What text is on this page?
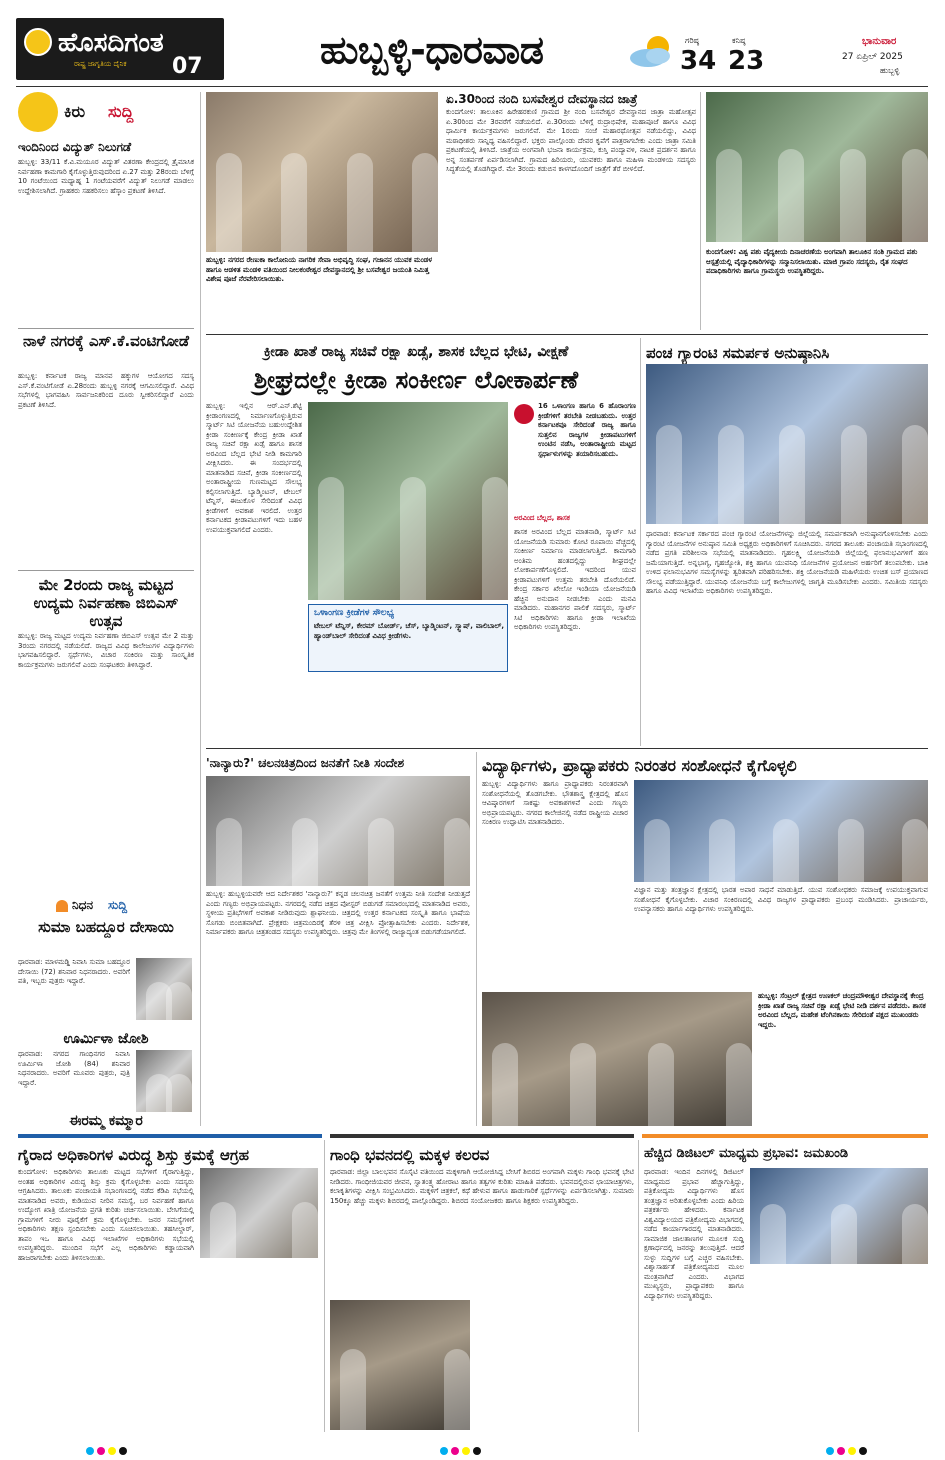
ಹೊಸದಿಗಂತ
ರಾಷ್ಟ್ರ ಜಾಗೃತಿಯ ದೈನಿಕ 07	ಹುಬ್ಬಳ್ಳಿ-ಧಾರವಾಡ	ಗರಿಷ್ಠ
34
ಕನಿಷ್ಠ
23
ಭಾನುವಾರ
27 ಏಪ್ರಿಲ್ 2025
ಹುಬ್ಬಳ್ಳಿ
ಕಿರು ಸುದ್ದಿ
ಇಂದಿನಿಂದ ವಿದ್ಯುತ್ ನಿಲುಗಡೆ
ಹುಬ್ಬಳ್ಳಿ: 33/11 ಕೆ.ವಿ.ಮಯೂರ ವಿದ್ಯುತ್ ವಿತರಣಾ ಕೇಂದ್ರದಲ್ಲಿ ತ್ರೈಮಾಸಿಕ ನಿರ್ವಹಣಾ ಕಾಮಗಾರಿ ಕೈಗೊಳ್ಳುತ್ತಿರುವುದರಿಂದ ಏ.27 ಮತ್ತು 28ರಂದು ಬೆಳಿಗ್ಗೆ 10 ಗಂಟೆಯಿಂದ ಮಧ್ಯಾಹ್ನ 1 ಗಂಟೆಯವರೆಗೆ ವಿದ್ಯುತ್ ನಿಲುಗಡೆ ಮಾಡಲು ಉದ್ದೇಶಿಸಲಾಗಿದೆ. ಗ್ರಾಹಕರು ಸಹಕರಿಸಲು ಹೆಸ್ಕಾಂ ಪ್ರಕಟಣೆ ತಿಳಿಸಿದೆ.
ನಾಳೆ ನಗರಕ್ಕೆ ಎಸ್.ಕೆ.ವಂಟಿಗೋಡೆ
ಹುಬ್ಬಳ್ಳಿ: ಕರ್ನಾಟಕ ರಾಜ್ಯ ಮಾನವ ಹಕ್ಕುಗಳ ಆಯೋಗದ ಸದಸ್ಯ ಎಸ್.ಕೆ.ವಂಟಿಗೋಡೆ ಏ.28ರಂದು ಹುಬ್ಬಳ್ಳಿ ನಗರಕ್ಕೆ ಆಗಮಿಸಲಿದ್ದಾರೆ. ವಿವಿಧ ಸಭೆಗಳಲ್ಲಿ ಭಾಗವಹಿಸಿ ಸಾರ್ವಜನಿಕರಿಂದ ದೂರು ಸ್ವೀಕರಿಸಲಿದ್ದಾರೆ ಎಂದು ಪ್ರಕಟಣೆ ತಿಳಿಸಿದೆ.
ಮೇ 2ರಂದು ರಾಜ್ಯ ಮಟ್ಟದ ಉದ್ಯಮ ನಿರ್ವಹಣಾ ಜಿಬಿಎಸ್ ಉತ್ಸವ
ಹುಬ್ಬಳ್ಳಿ: ರಾಜ್ಯ ಮಟ್ಟದ ಉದ್ಯಮ ನಿರ್ವಹಣಾ ಜಿಬಿಎಸ್ ಉತ್ಸವ ಮೇ 2 ಮತ್ತು 3ರಂದು ನಗರದಲ್ಲಿ ನಡೆಯಲಿದೆ. ರಾಜ್ಯದ ವಿವಿಧ ಕಾಲೇಜುಗಳ ವಿದ್ಯಾರ್ಥಿಗಳು ಭಾಗವಹಿಸಲಿದ್ದಾರೆ. ಸ್ಪರ್ಧೆಗಳು, ವಿಚಾರ ಸಂಕಿರಣ ಮತ್ತು ಸಾಂಸ್ಕೃತಿಕ ಕಾರ್ಯಕ್ರಮಗಳು ಜರುಗಲಿವೆ ಎಂದು ಸಂಘಟಕರು ತಿಳಿಸಿದ್ದಾರೆ.
ನಿಧನ ಸುದ್ದಿ
ಸುಮಾ ಬಹದ್ದೂರ ದೇಸಾಯಿ
ಧಾರವಾಡ: ಮಾಳಮಡ್ಡಿ ನಿವಾಸಿ ಸುಮಾ ಬಹದ್ದೂರ ದೇಸಾಯಿ (72) ಶನಿವಾರ ನಿಧನರಾದರು. ಅವರಿಗೆ ಪತಿ, ಇಬ್ಬರು ಪುತ್ರರು ಇದ್ದಾರೆ.
ಊರ್ಮಿಳಾ ಜೋಶಿ
ಧಾರವಾಡ: ನಗರದ ಗಾಂಧಿನಗರ ನಿವಾಸಿ ಊರ್ಮಿಳಾ ಜೋಶಿ (84) ಶನಿವಾರ ನಿಧನರಾದರು. ಅವರಿಗೆ ಮೂವರು ಪುತ್ರರು, ಪುತ್ರಿ ಇದ್ದಾರೆ.
ಈರಮ್ಮ ಕಮ್ಮಾರ
ಹುಬ್ಬಳ್ಳಿ: ನಗರದ ರೇಣುಕಾ ಕಾಲೋನಿಯ ನಾಗರಿಕ ಸೇವಾ ಅಭಿವೃದ್ಧಿ ಸಂಘ, ಗಜಾನನ ಯುವಕ ಮಂಡಳ ಹಾಗೂ ಆಡಳಿತ ಮಂಡಳಿ ವತಿಯಿಂದ ನೀಲಕಂಠೇಶ್ವರ ದೇವಸ್ಥಾನದಲ್ಲಿ ಶ್ರೀ ಬಸವೇಶ್ವರ ಜಯಂತಿ ನಿಮಿತ್ತ ವಿಶೇಷ ಪೂಜೆ ನೆರವೇರಿಸಲಾಯಿತು.
ಏ.30ರಿಂದ ನಂದಿ ಬಸವೇಶ್ವರ ದೇವಸ್ಥಾನದ ಜಾತ್ರೆ
ಕುಂದಗೋಳ: ತಾಲೂಕಿನ ಹಿರೇಹರಕುಣಿ ಗ್ರಾಮದ ಶ್ರೀ ನಂದಿ ಬಸವೇಶ್ವರ ದೇವಸ್ಥಾನದ ಜಾತ್ರಾ ಮಹೋತ್ಸವ ಏ.30ರಿಂದ ಮೇ 3ರವರೆಗೆ ನಡೆಯಲಿದೆ. ಏ.30ರಂದು ಬೆಳಿಗ್ಗೆ ರುದ್ರಾಭಿಷೇಕ, ಮಹಾಪೂಜೆ ಹಾಗೂ ವಿವಿಧ ಧಾರ್ಮಿಕ ಕಾರ್ಯಕ್ರಮಗಳು ಜರುಗಲಿವೆ. ಮೇ 1ರಂದು ಸಂಜೆ ಮಹಾರಥೋತ್ಸವ ನಡೆಯಲಿದ್ದು, ವಿವಿಧ ಮಠಾಧೀಶರು ಸಾನ್ನಿಧ್ಯ ವಹಿಸಲಿದ್ದಾರೆ. ಭಕ್ತರು ಪಾಲ್ಗೊಂಡು ದೇವರ ಕೃಪೆಗೆ ಪಾತ್ರರಾಗಬೇಕು ಎಂದು ಜಾತ್ರಾ ಸಮಿತಿ ಪ್ರಕಟಣೆಯಲ್ಲಿ ತಿಳಿಸಿದೆ. ಜಾತ್ರೆಯ ಅಂಗವಾಗಿ ಭಜನಾ ಕಾರ್ಯಕ್ರಮ, ಕುಸ್ತಿ ಪಂದ್ಯಾವಳಿ, ನಾಟಕ ಪ್ರದರ್ಶನ ಹಾಗೂ ಅನ್ನ ಸಂತರ್ಪಣೆ ಏರ್ಪಡಿಸಲಾಗಿದೆ. ಗ್ರಾಮದ ಹಿರಿಯರು, ಯುವಕರು ಹಾಗೂ ಮಹಿಳಾ ಮಂಡಳಿಯ ಸದಸ್ಯರು ಸಿದ್ಧತೆಯಲ್ಲಿ ತೊಡಗಿದ್ದಾರೆ. ಮೇ 3ರಂದು ಕಡುಬಿನ ಕಾಳಗದೊಂದಿಗೆ ಜಾತ್ರೆಗೆ ತೆರೆ ಬೀಳಲಿದೆ.
ಕುಂದಗೋಳ: ವಿಶ್ವ ಪಶು ವೈದ್ಯಕೀಯ ದಿನಾಚರಣೆಯ ಅಂಗವಾಗಿ ತಾಲೂಕಿನ ಸಂಶಿ ಗ್ರಾಮದ ಪಶು ಆಸ್ಪತ್ರೆಯಲ್ಲಿ ವೈದ್ಯಾಧಿಕಾರಿಗಳನ್ನು ಸನ್ಮಾನಿಸಲಾಯಿತು. ಮಾಜಿ ಗ್ರಾಪಂ ಸದಸ್ಯರು, ರೈತ ಸಂಘದ ಪದಾಧಿಕಾರಿಗಳು ಹಾಗೂ ಗ್ರಾಮಸ್ಥರು ಉಪಸ್ಥಿತರಿದ್ದರು.
ಕ್ರೀಡಾ ಖಾತೆ ರಾಜ್ಯ ಸಚಿವೆ ರಕ್ಷಾ ಖಡ್ಸೆ, ಶಾಸಕ ಬೆಲ್ಲದ ಭೇಟಿ, ವೀಕ್ಷಣೆ
ಶ್ರೀಘ್ರದಲ್ಲೇ ಕ್ರೀಡಾ ಸಂಕೀರ್ಣ ಲೋಕಾರ್ಪಣೆ
ಹುಬ್ಬಳ್ಳಿ: ಇಲ್ಲಿನ ಆರ್.ಎನ್.ಶೆಟ್ಟಿ ಕ್ರೀಡಾಂಗಣದಲ್ಲಿ ನಿರ್ಮಾಣಗೊಳ್ಳುತ್ತಿರುವ ಸ್ಮಾರ್ಟ್ ಸಿಟಿ ಯೋಜನೆಯ ಬಹುಉದ್ದೇಶಿತ ಕ್ರೀಡಾ ಸಂಕೀರ್ಣಕ್ಕೆ ಕೇಂದ್ರ ಕ್ರೀಡಾ ಖಾತೆ ರಾಜ್ಯ ಸಚಿವೆ ರಕ್ಷಾ ಖಡ್ಸೆ ಹಾಗೂ ಶಾಸಕ ಅರವಿಂದ ಬೆಲ್ಲದ ಭೇಟಿ ನೀಡಿ ಕಾಮಗಾರಿ ವೀಕ್ಷಿಸಿದರು. ಈ ಸಂದರ್ಭದಲ್ಲಿ ಮಾತನಾಡಿದ ಸಚಿವೆ, ಕ್ರೀಡಾ ಸಂಕೀರ್ಣದಲ್ಲಿ ಅಂತಾರಾಷ್ಟ್ರೀಯ ಗುಣಮಟ್ಟದ ಸೌಲಭ್ಯ ಕಲ್ಪಿಸಲಾಗುತ್ತಿದೆ. ಬ್ಯಾಡ್ಮಿಂಟನ್, ಟೇಬಲ್ ಟೆನ್ನಿಸ್, ಈಜುಕೊಳ ಸೇರಿದಂತೆ ವಿವಿಧ ಕ್ರೀಡೆಗಳಿಗೆ ಅವಕಾಶ ಇರಲಿದೆ. ಉತ್ತರ ಕರ್ನಾಟಕದ ಕ್ರೀಡಾಪಟುಗಳಿಗೆ ಇದು ಬಹಳ ಉಪಯುಕ್ತವಾಗಲಿದೆ ಎಂದರು.
ಒಳಾಂಗಣ ಕ್ರೀಡೆಗಳ ಸೌಲಭ್ಯ
ಟೇಬಲ್ ಟೆನ್ನಿಸ್, ಕೇರಮ್ ಬೋರ್ಡ್, ಚೆಸ್, ಬ್ಯಾಡ್ಮಿಂಟನ್, ಸ್ಕ್ವಾಷ್, ವಾಲಿಬಾಲ್, ಹ್ಯಾಂಡ್‌ಬಾಲ್ ಸೇರಿದಂತೆ ವಿವಿಧ ಕ್ರೀಡೆಗಳು.
16 ಒಳಾಂಗಣ ಹಾಗೂ 6 ಹೊರಾಂಗಣ ಕ್ರೀಡೆಗಳಿಗೆ ತರಬೇತಿ ನೀಡಬಹುದು. ಉತ್ತರ ಕರ್ನಾಟಕವೂ ಸೇರಿದಂತೆ ರಾಜ್ಯ ಹಾಗೂ ಸುತ್ತಲಿನ ರಾಜ್ಯಗಳ ಕ್ರೀಡಾಪಟುಗಳಿಗೆ ಉಂಟಿನ ನಡೆಸಿ, ಅಂತಾರಾಷ್ಟ್ರೀಯ ಮಟ್ಟದ ಸ್ಪರ್ಧಾಳುಗಳನ್ನು ತಯಾರಿಸಬಹುದು.
ಅರವಿಂದ ಬೆಲ್ಲದ, ಶಾಸಕ
ಶಾಸಕ ಅರವಿಂದ ಬೆಲ್ಲದ ಮಾತನಾಡಿ, ಸ್ಮಾರ್ಟ್ ಸಿಟಿ ಯೋಜನೆಯಡಿ ಸುಮಾರು ಕೋಟಿ ರೂಪಾಯಿ ವೆಚ್ಚದಲ್ಲಿ ಸಂಕೀರ್ಣ ನಿರ್ಮಾಣ ಮಾಡಲಾಗುತ್ತಿದೆ. ಕಾಮಗಾರಿ ಅಂತಿಮ ಹಂತದಲ್ಲಿದ್ದು ಶೀಘ್ರದಲ್ಲೇ ಲೋಕಾರ್ಪಣೆಗೊಳ್ಳಲಿದೆ. ಇದರಿಂದ ಯುವ ಕ್ರೀಡಾಪಟುಗಳಿಗೆ ಉತ್ತಮ ತರಬೇತಿ ದೊರೆಯಲಿದೆ. ಕೇಂದ್ರ ಸರ್ಕಾರ ಖೇಲೋ ಇಂಡಿಯಾ ಯೋಜನೆಯಡಿ ಹೆಚ್ಚಿನ ಅನುದಾನ ನೀಡಬೇಕು ಎಂದು ಮನವಿ ಮಾಡಿದರು. ಮಹಾನಗರ ಪಾಲಿಕೆ ಸದಸ್ಯರು, ಸ್ಮಾರ್ಟ್ ಸಿಟಿ ಅಧಿಕಾರಿಗಳು ಹಾಗೂ ಕ್ರೀಡಾ ಇಲಾಖೆಯ ಅಧಿಕಾರಿಗಳು ಉಪಸ್ಥಿತರಿದ್ದರು.
ಪಂಚ ಗ್ಯಾರಂಟಿ ಸಮರ್ಪಕ ಅನುಷ್ಠಾನಿಸಿ
ಧಾರವಾಡ: ಕರ್ನಾಟಕ ಸರ್ಕಾರದ ಪಂಚ ಗ್ಯಾರಂಟಿ ಯೋಜನೆಗಳನ್ನು ಜಿಲ್ಲೆಯಲ್ಲಿ ಸಮರ್ಪಕವಾಗಿ ಅನುಷ್ಠಾನಗೊಳಿಸಬೇಕು ಎಂದು ಗ್ಯಾರಂಟಿ ಯೋಜನೆಗಳ ಅನುಷ್ಠಾನ ಸಮಿತಿ ಅಧ್ಯಕ್ಷರು ಅಧಿಕಾರಿಗಳಿಗೆ ಸೂಚಿಸಿದರು. ನಗರದ ತಾಲೂಕು ಪಂಚಾಯತಿ ಸಭಾಂಗಣದಲ್ಲಿ ನಡೆದ ಪ್ರಗತಿ ಪರಿಶೀಲನಾ ಸಭೆಯಲ್ಲಿ ಮಾತನಾಡಿದರು. ಗೃಹಲಕ್ಷ್ಮಿ ಯೋಜನೆಯಡಿ ಜಿಲ್ಲೆಯಲ್ಲಿ ಫಲಾನುಭವಿಗಳಿಗೆ ಹಣ ಜಮೆಯಾಗುತ್ತಿದೆ. ಅನ್ನಭಾಗ್ಯ, ಗೃಹಜ್ಯೋತಿ, ಶಕ್ತಿ ಹಾಗೂ ಯುವನಿಧಿ ಯೋಜನೆಗಳ ಪ್ರಯೋಜನ ಅರ್ಹರಿಗೆ ತಲುಪಬೇಕು. ಬಾಕಿ ಉಳಿದ ಫಲಾನುಭವಿಗಳ ಸಮಸ್ಯೆಗಳನ್ನು ತ್ವರಿತವಾಗಿ ಪರಿಹರಿಸಬೇಕು. ಶಕ್ತಿ ಯೋಜನೆಯಡಿ ಮಹಿಳೆಯರು ಉಚಿತ ಬಸ್ ಪ್ರಯಾಣದ ಸೌಲಭ್ಯ ಪಡೆಯುತ್ತಿದ್ದಾರೆ. ಯುವನಿಧಿ ಯೋಜನೆಯ ಬಗ್ಗೆ ಕಾಲೇಜುಗಳಲ್ಲಿ ಜಾಗೃತಿ ಮೂಡಿಸಬೇಕು ಎಂದರು. ಸಮಿತಿಯ ಸದಸ್ಯರು ಹಾಗೂ ವಿವಿಧ ಇಲಾಖೆಯ ಅಧಿಕಾರಿಗಳು ಉಪಸ್ಥಿತರಿದ್ದರು.
'ನಾನ್ಯಾರು?' ಚಲನಚಿತ್ರದಿಂದ ಜನತೆಗೆ ನೀತಿ ಸಂದೇಶ
ಹುಬ್ಬಳ್ಳಿ: ಹುಬ್ಬಳ್ಳಿಯವರೇ ಆದ ನಿರ್ದೇಶಕರ 'ನಾನ್ಯಾರು?' ಕನ್ನಡ ಚಲನಚಿತ್ರ ಜನತೆಗೆ ಉತ್ತಮ ನೀತಿ ಸಂದೇಶ ನೀಡುತ್ತದೆ ಎಂದು ಗಣ್ಯರು ಅಭಿಪ್ರಾಯಪಟ್ಟರು. ನಗರದಲ್ಲಿ ನಡೆದ ಚಿತ್ರದ ಪೋಸ್ಟರ್ ಬಿಡುಗಡೆ ಸಮಾರಂಭದಲ್ಲಿ ಮಾತನಾಡಿದ ಅವರು, ಸ್ಥಳೀಯ ಪ್ರತಿಭೆಗಳಿಗೆ ಅವಕಾಶ ನೀಡಿರುವುದು ಶ್ಲಾಘನೀಯ. ಚಿತ್ರದಲ್ಲಿ ಉತ್ತರ ಕರ್ನಾಟಕದ ಸಂಸ್ಕೃತಿ ಹಾಗೂ ಭಾಷೆಯ ಸೊಗಡು ಬಿಂಬಿತವಾಗಿದೆ. ಪ್ರೇಕ್ಷಕರು ಚಿತ್ರಮಂದಿರಕ್ಕೆ ತೆರಳಿ ಚಿತ್ರ ವೀಕ್ಷಿಸಿ ಪ್ರೋತ್ಸಾಹಿಸಬೇಕು ಎಂದರು. ನಿರ್ದೇಶಕ, ನಿರ್ಮಾಪಕರು ಹಾಗೂ ಚಿತ್ರತಂಡದ ಸದಸ್ಯರು ಉಪಸ್ಥಿತರಿದ್ದರು. ಚಿತ್ರವು ಮೇ ತಿಂಗಳಲ್ಲಿ ರಾಜ್ಯಾದ್ಯಂತ ಬಿಡುಗಡೆಯಾಗಲಿದೆ.
ವಿದ್ಯಾರ್ಥಿಗಳು, ಪ್ರಾಧ್ಯಾಪಕರು ನಿರಂತರ ಸಂಶೋಧನೆ ಕೈಗೊಳ್ಳಲಿ
ಹುಬ್ಬಳ್ಳಿ: ವಿದ್ಯಾರ್ಥಿಗಳು ಹಾಗೂ ಪ್ರಾಧ್ಯಾಪಕರು ನಿರಂತರವಾಗಿ ಸಂಶೋಧನೆಯಲ್ಲಿ ತೊಡಗಬೇಕು. ಭೌತಶಾಸ್ತ್ರ ಕ್ಷೇತ್ರದಲ್ಲಿ ಹೊಸ ಆವಿಷ್ಕಾರಗಳಿಗೆ ಸಾಕಷ್ಟು ಅವಕಾಶಗಳಿವೆ ಎಂದು ಗಣ್ಯರು ಅಭಿಪ್ರಾಯಪಟ್ಟರು. ನಗರದ ಕಾಲೇಜಿನಲ್ಲಿ ನಡೆದ ರಾಷ್ಟ್ರೀಯ ವಿಚಾರ ಸಂಕಿರಣ ಉದ್ಘಾಟಿಸಿ ಮಾತನಾಡಿದರು.
ವಿಜ್ಞಾನ ಮತ್ತು ತಂತ್ರಜ್ಞಾನ ಕ್ಷೇತ್ರದಲ್ಲಿ ಭಾರತ ಅಪಾರ ಸಾಧನೆ ಮಾಡುತ್ತಿದೆ. ಯುವ ಸಂಶೋಧಕರು ಸಮಾಜಕ್ಕೆ ಉಪಯುಕ್ತವಾಗುವ ಸಂಶೋಧನೆ ಕೈಗೊಳ್ಳಬೇಕು. ವಿಚಾರ ಸಂಕಿರಣದಲ್ಲಿ ವಿವಿಧ ರಾಜ್ಯಗಳ ಪ್ರಾಧ್ಯಾಪಕರು ಪ್ರಬಂಧ ಮಂಡಿಸಿದರು. ಪ್ರಾಚಾರ್ಯರು, ಉಪನ್ಯಾಸಕರು ಹಾಗೂ ವಿದ್ಯಾರ್ಥಿಗಳು ಉಪಸ್ಥಿತರಿದ್ದರು.
ಹುಬ್ಬಳ್ಳಿ: ಸೆಂಟ್ರಲ್ ಕ್ಷೇತ್ರದ ಉಣಕಲ್‌ ಚಂದ್ರಮೌಳೀಶ್ವರ ದೇವಸ್ಥಾನಕ್ಕೆ ಕೇಂದ್ರ ಕ್ರೀಡಾ ಖಾತೆ ರಾಜ್ಯ ಸಚಿವೆ ರಕ್ಷಾ ಖಡ್ಸೆ ಭೇಟಿ ನೀಡಿ ದರ್ಶನ ಪಡೆದರು. ಶಾಸಕ ಅರವಿಂದ ಬೆಲ್ಲದ, ಮಹೇಶ ಟೆಂಗಿನಕಾಯಿ ಸೇರಿದಂತೆ ಪಕ್ಷದ ಮುಖಂಡರು ಇದ್ದರು.
ಗೈರಾದ ಅಧಿಕಾರಿಗಳ ವಿರುದ್ಧ ಶಿಸ್ತು ಕ್ರಮಕ್ಕೆ ಆಗ್ರಹ
ಕುಂದಗೋಳ: ಅಧಿಕಾರಿಗಳು ತಾಲೂಕು ಮಟ್ಟದ ಸಭೆಗಳಿಗೆ ಗೈರಾಗುತ್ತಿದ್ದು, ಅಂತಹ ಅಧಿಕಾರಿಗಳ ವಿರುದ್ಧ ಶಿಸ್ತು ಕ್ರಮ ಕೈಗೊಳ್ಳಬೇಕು ಎಂದು ಸದಸ್ಯರು ಆಗ್ರಹಿಸಿದರು. ತಾಲೂಕು ಪಂಚಾಯತಿ ಸಭಾಂಗಣದಲ್ಲಿ ನಡೆದ ಕೆಡಿಪಿ ಸಭೆಯಲ್ಲಿ ಮಾತನಾಡಿದ ಅವರು, ಕುಡಿಯುವ ನೀರಿನ ಸಮಸ್ಯೆ, ಬರ ನಿರ್ವಹಣೆ ಹಾಗೂ ಉದ್ಯೋಗ ಖಾತ್ರಿ ಯೋಜನೆಯ ಪ್ರಗತಿ ಕುರಿತು ಚರ್ಚಿಸಲಾಯಿತು. ಬೇಸಿಗೆಯಲ್ಲಿ ಗ್ರಾಮಗಳಿಗೆ ನೀರು ಪೂರೈಕೆಗೆ ಕ್ರಮ ಕೈಗೊಳ್ಳಬೇಕು. ಜನರ ಸಮಸ್ಯೆಗಳಿಗೆ ಅಧಿಕಾರಿಗಳು ತಕ್ಷಣ ಸ್ಪಂದಿಸಬೇಕು ಎಂದು ಸೂಚಿಸಲಾಯಿತು. ತಹಸೀಲ್ದಾರ್, ತಾಪಂ ಇಒ ಹಾಗೂ ವಿವಿಧ ಇಲಾಖೆಗಳ ಅಧಿಕಾರಿಗಳು ಸಭೆಯಲ್ಲಿ ಉಪಸ್ಥಿತರಿದ್ದರು. ಮುಂದಿನ ಸಭೆಗೆ ಎಲ್ಲ ಅಧಿಕಾರಿಗಳು ಕಡ್ಡಾಯವಾಗಿ ಹಾಜರಾಗಬೇಕು ಎಂದು ತಿಳಿಸಲಾಯಿತು.
ಗಾಂಧಿ ಭವನದಲ್ಲಿ ಮಕ್ಕಳ ಕಲರವ
ಧಾರವಾಡ: ಜಿಲ್ಲಾ ಬಾಲಭವನ ಸೊಸೈಟಿ ವತಿಯಿಂದ ಮಕ್ಕಳಿಗಾಗಿ ಆಯೋಜಿಸಿದ್ದ ಬೇಸಿಗೆ ಶಿಬಿರದ ಅಂಗವಾಗಿ ಮಕ್ಕಳು ಗಾಂಧಿ ಭವನಕ್ಕೆ ಭೇಟಿ ನೀಡಿದರು. ಗಾಂಧೀಜಿಯವರ ಜೀವನ, ಸ್ವಾತಂತ್ರ್ಯ ಹೋರಾಟ ಹಾಗೂ ತತ್ವಗಳ ಕುರಿತು ಮಾಹಿತಿ ಪಡೆದರು. ಭವನದಲ್ಲಿರುವ ಛಾಯಾಚಿತ್ರಗಳು, ಕಲಾಕೃತಿಗಳನ್ನು ವೀಕ್ಷಿಸಿ ಸಂಭ್ರಮಿಸಿದರು. ಮಕ್ಕಳಿಗೆ ಚಿತ್ರಕಲೆ, ಕಥೆ ಹೇಳುವ ಹಾಗೂ ಹಾಡುಗಾರಿಕೆ ಸ್ಪರ್ಧೆಗಳನ್ನು ಏರ್ಪಡಿಸಲಾಗಿತ್ತು. ಸುಮಾರು 150ಕ್ಕೂ ಹೆಚ್ಚು ಮಕ್ಕಳು ಶಿಬಿರದಲ್ಲಿ ಪಾಲ್ಗೊಂಡಿದ್ದರು. ಶಿಬಿರದ ಸಂಯೋಜಕರು ಹಾಗೂ ಶಿಕ್ಷಕರು ಉಪಸ್ಥಿತರಿದ್ದರು.
ಹೆಚ್ಚಿದ ಡಿಜಿಟಲ್ ಮಾಧ್ಯಮ ಪ್ರಭಾವ: ಜಮಖಂಡಿ
ಧಾರವಾಡ: ಇಂದಿನ ದಿನಗಳಲ್ಲಿ ಡಿಜಿಟಲ್ ಮಾಧ್ಯಮದ ಪ್ರಭಾವ ಹೆಚ್ಚಾಗುತ್ತಿದ್ದು, ಪತ್ರಿಕೋದ್ಯಮ ವಿದ್ಯಾರ್ಥಿಗಳು ಹೊಸ ತಂತ್ರಜ್ಞಾನ ಅರಿತುಕೊಳ್ಳಬೇಕು ಎಂದು ಹಿರಿಯ ಪತ್ರಕರ್ತರು ಹೇಳಿದರು. ಕರ್ನಾಟಕ ವಿಶ್ವವಿದ್ಯಾಲಯದ ಪತ್ರಿಕೋದ್ಯಮ ವಿಭಾಗದಲ್ಲಿ ನಡೆದ ಕಾರ್ಯಾಗಾರದಲ್ಲಿ ಮಾತನಾಡಿದರು. ಸಾಮಾಜಿಕ ಜಾಲತಾಣಗಳ ಮೂಲಕ ಸುದ್ದಿ ಕ್ಷಣಾರ್ಧದಲ್ಲಿ ಜನರನ್ನು ತಲುಪುತ್ತಿದೆ. ಆದರೆ ಸುಳ್ಳು ಸುದ್ದಿಗಳ ಬಗ್ಗೆ ಎಚ್ಚರ ವಹಿಸಬೇಕು. ವಿಶ್ವಾಸಾರ್ಹತೆ ಪತ್ರಿಕೋದ್ಯಮದ ಮೂಲ ಮಂತ್ರವಾಗಿದೆ ಎಂದರು. ವಿಭಾಗದ ಮುಖ್ಯಸ್ಥರು, ಪ್ರಾಧ್ಯಾಪಕರು ಹಾಗೂ ವಿದ್ಯಾರ್ಥಿಗಳು ಉಪಸ್ಥಿತರಿದ್ದರು.
